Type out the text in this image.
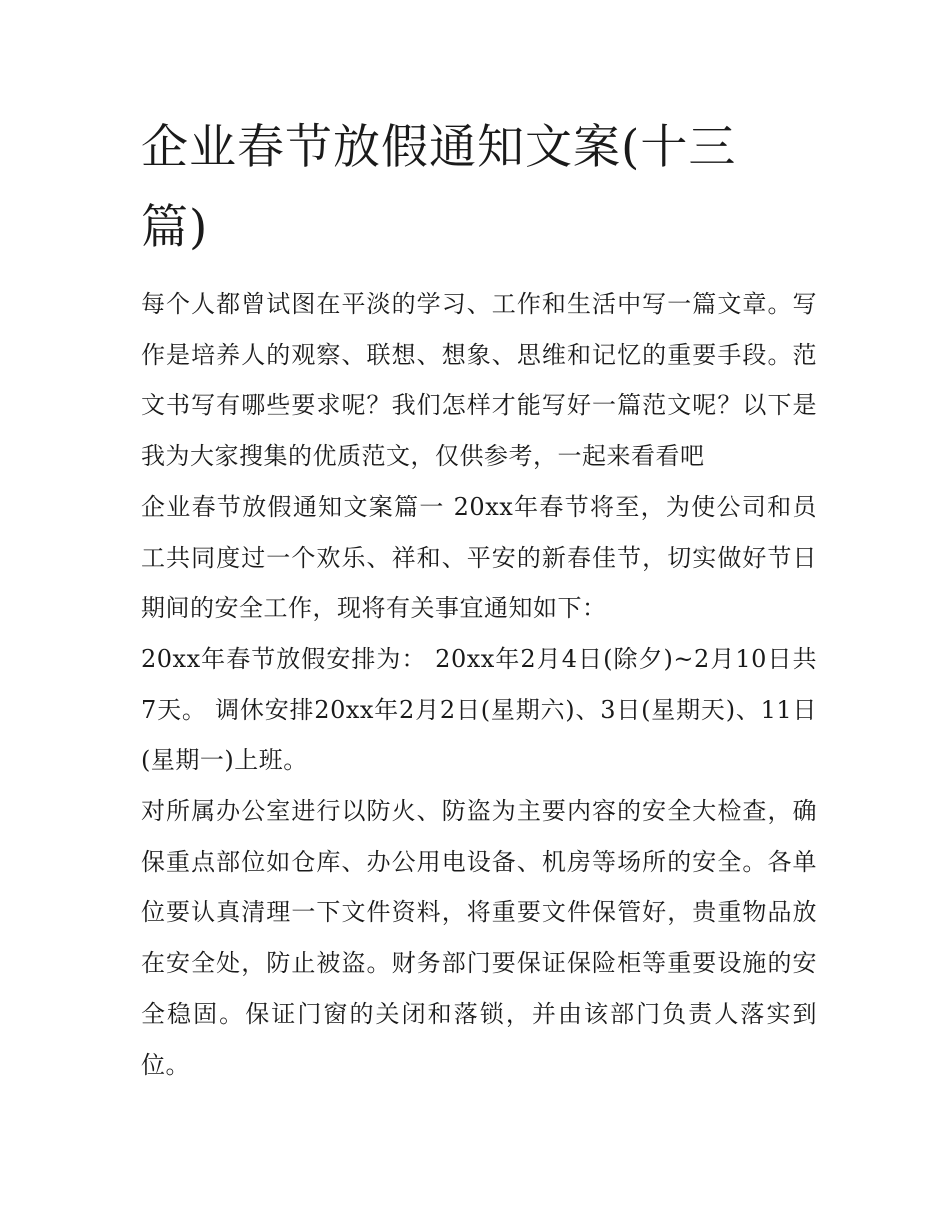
企业春节放假通知文案(十三篇)

每个人都曾试图在平淡的学习、工作和生活中写一篇文章。写作是培养人的观察、联想、想象、思维和记忆的重要手段。范文书写有哪些要求呢？我们怎样才能写好一篇范文呢？以下是我为大家搜集的优质范文，仅供参考，一起来看看吧

企业春节放假通知文案篇一 20xx年春节将至，为使公司和员工共同度过一个欢乐、祥和、平安的新春佳节，切实做好节日期间的安全工作，现将有关事宜通知如下：

20xx年春节放假安排为： 20xx年2月4日(除夕)~2月10日共7天。 调休安排20xx年2月2日(星期六)、3日(星期天)、11日(星期一)上班。

对所属办公室进行以防火、防盗为主要内容的安全大检查，确保重点部位如仓库、办公用电设备、机房等场所的安全。各单位要认真清理一下文件资料，将重要文件保管好，贵重物品放在安全处，防止被盗。财务部门要保证保险柜等重要设施的安全稳固。保证门窗的关闭和落锁，并由该部门负责人落实到位。
